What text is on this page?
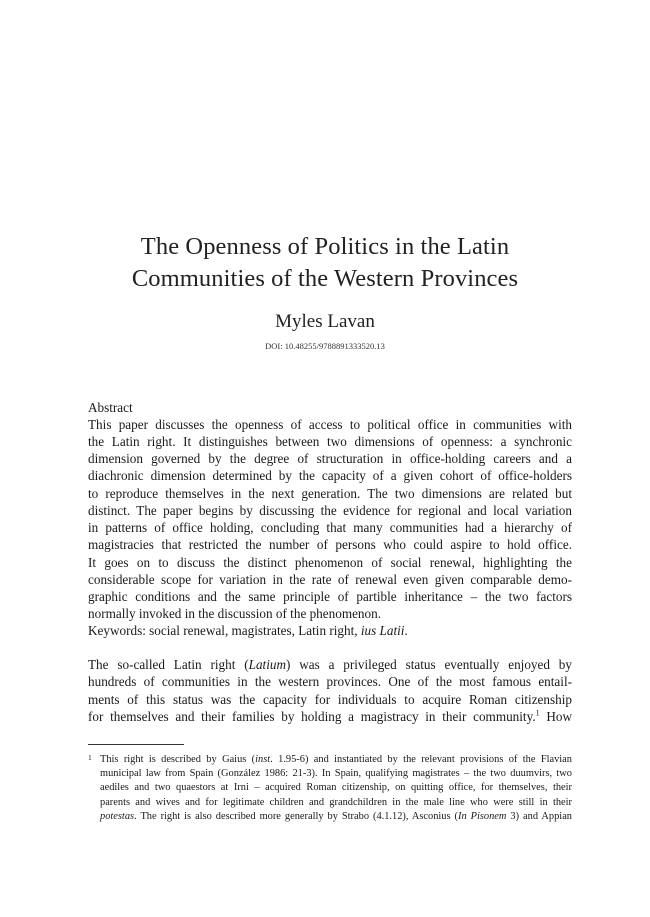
The Openness of Politics in the Latin
Communities of the Western Provinces
Myles Lavan
DOI: 10.48255/9788891333520.13
Abstract
This paper discusses the openness of access to political office in communities with
the Latin right. It distinguishes between two dimensions of openness: a synchronic
dimension governed by the degree of structuration in office-holding careers and a
diachronic dimension determined by the capacity of a given cohort of office-holders
to reproduce themselves in the next generation. The two dimensions are related but
distinct. The paper begins by discussing the evidence for regional and local variation
in patterns of office holding, concluding that many communities had a hierarchy of
magistracies that restricted the number of persons who could aspire to hold office.
It goes on to discuss the distinct phenomenon of social renewal, highlighting the
considerable scope for variation in the rate of renewal even given comparable demo-
graphic conditions and the same principle of partible inheritance – the two factors
normally invoked in the discussion of the phenomenon.
Keywords: social renewal, magistrates, Latin right, ius Latii.
The so-called Latin right (Latium) was a privileged status eventually enjoyed by
hundreds of communities in the western provinces. One of the most famous entail-
ments of this status was the capacity for individuals to acquire Roman citizenship
for themselves and their families by holding a magistracy in their community.$^1$ How
1 This right is described by Gaius (inst. 1.95-6) and instantiated by the relevant provisions of the Flavian
municipal law from Spain (González 1986: 21-3). In Spain, qualifying magistrates – the two duumvirs, two
aediles and two quaestors at Irni – acquired Roman citizenship, on quitting office, for themselves, their
parents and wives and for legitimate children and grandchildren in the male line who were still in their
potestas. The right is also described more generally by Strabo (4.1.12), Asconius (In Pisonem 3) and Appian
